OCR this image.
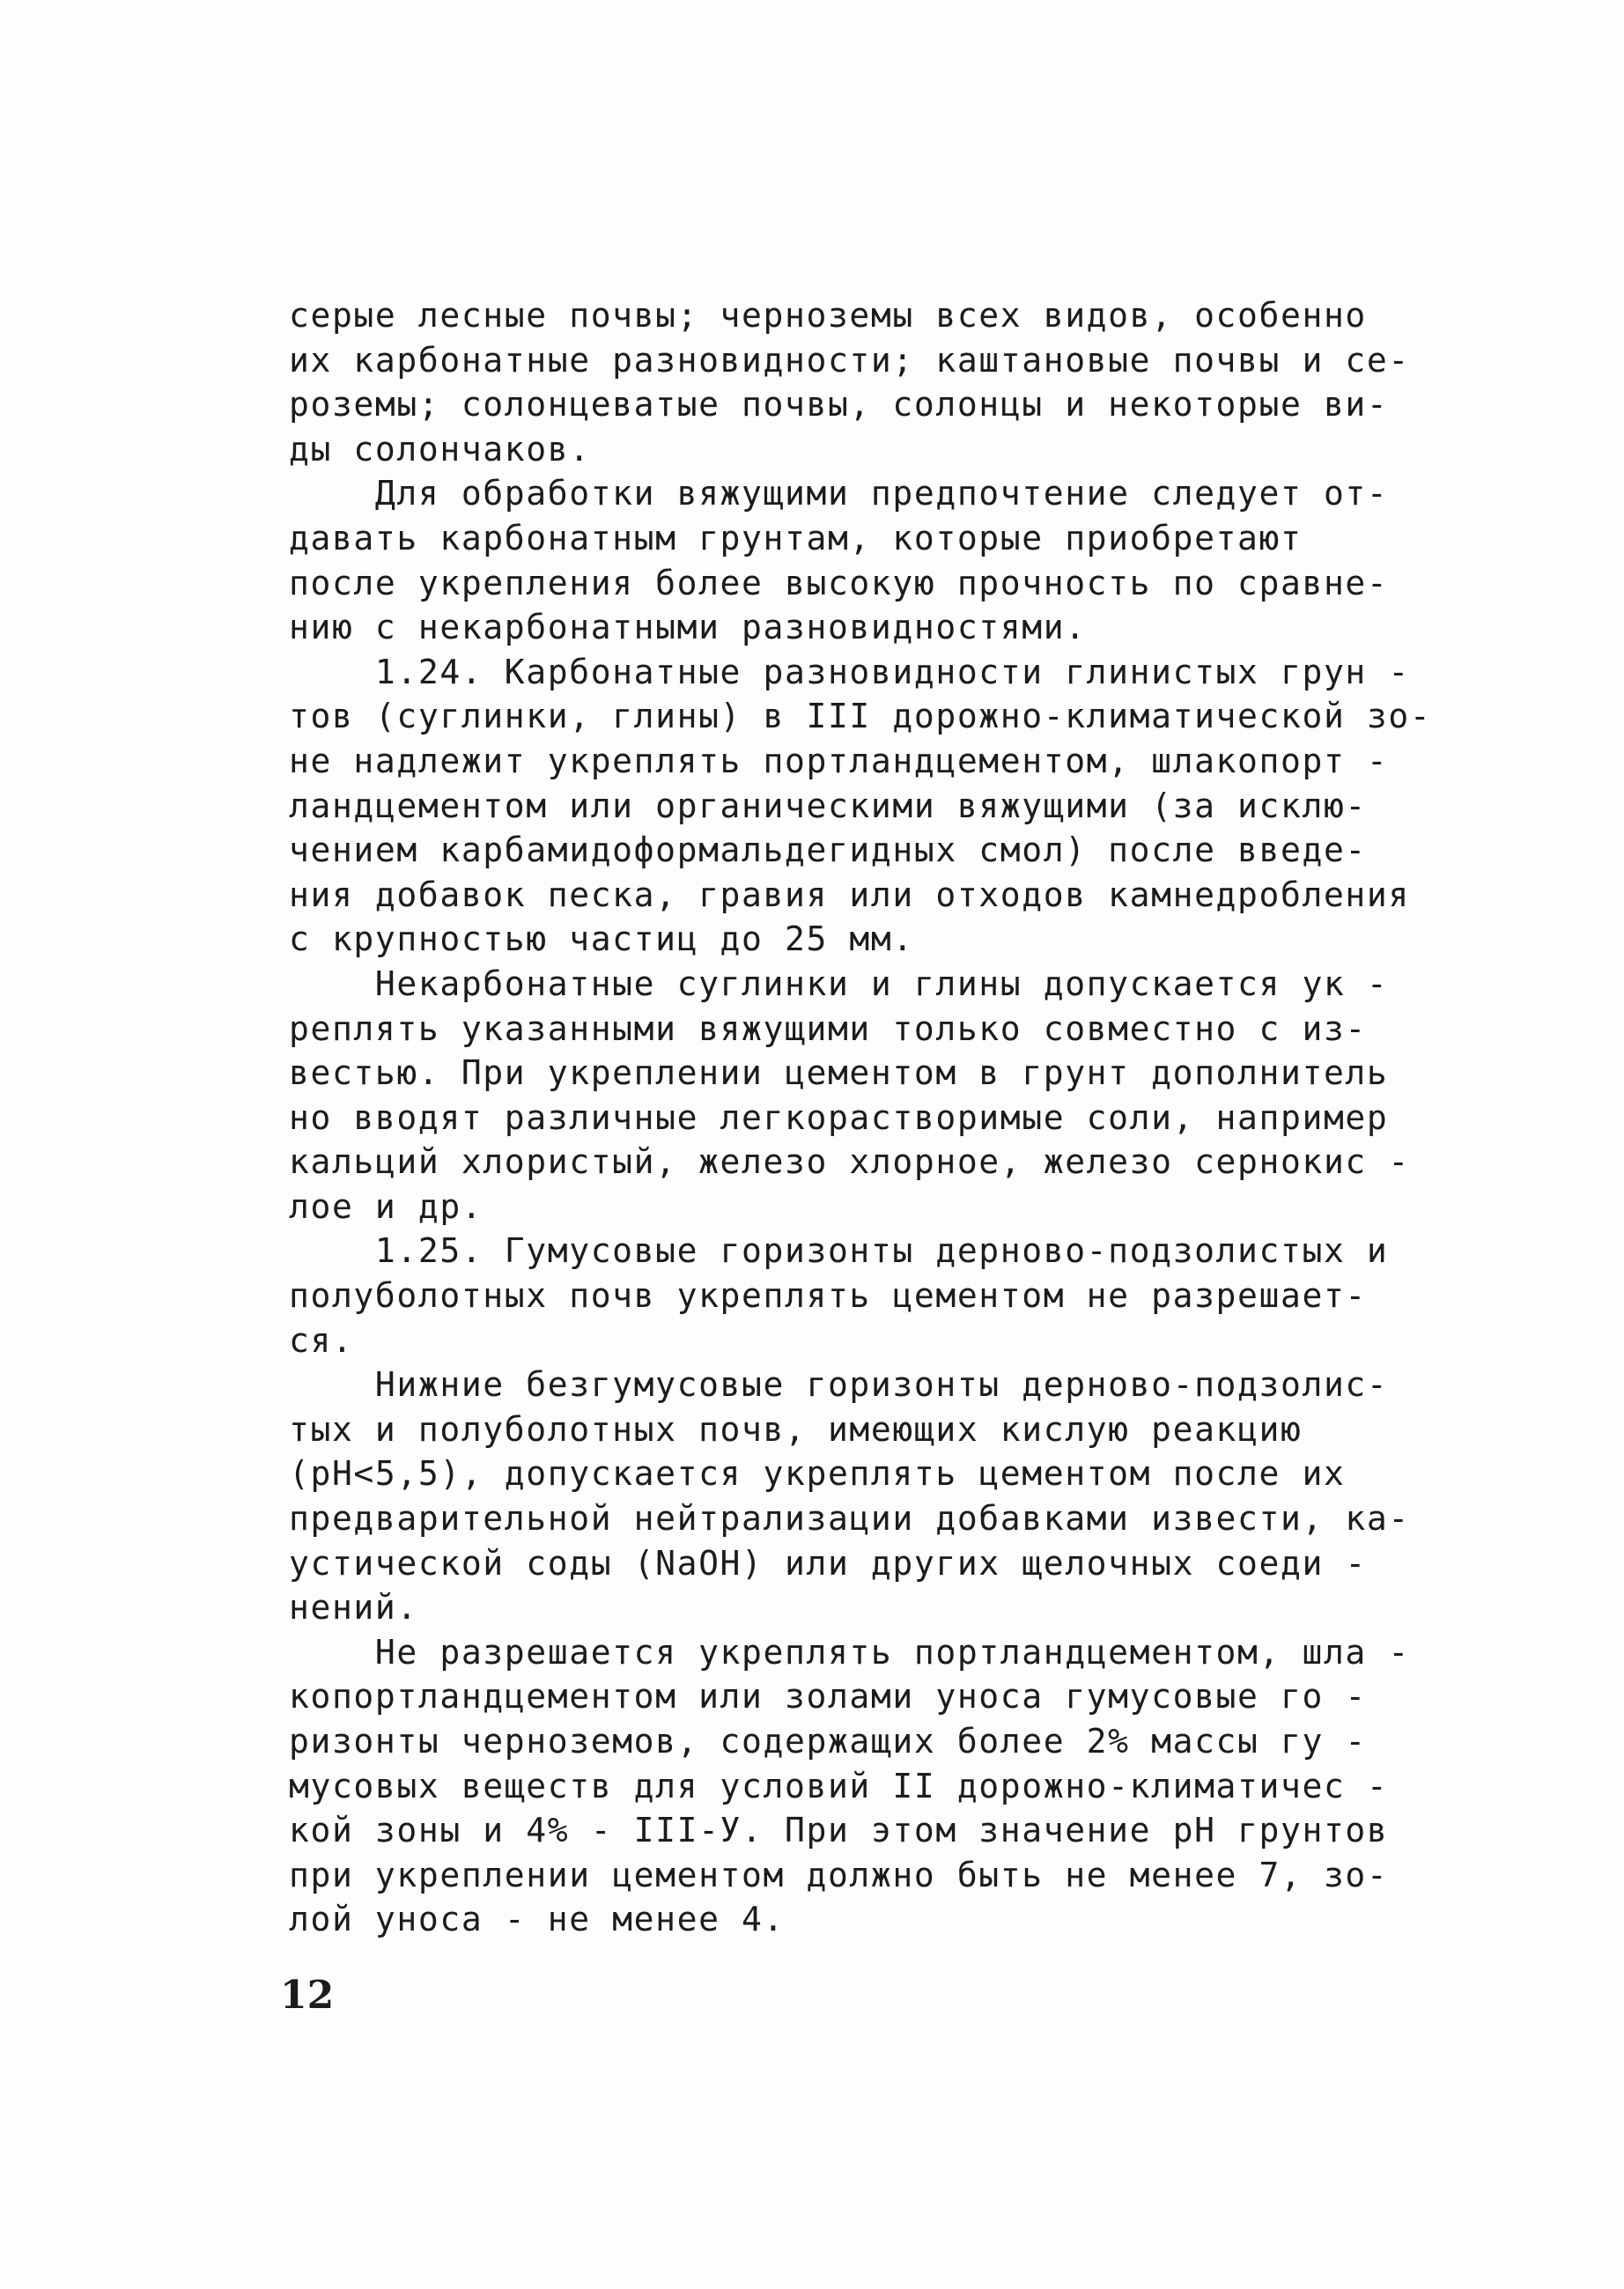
серые лесные почвы; черноземы всех видов, особенно
их карбонатные разновидности; каштановые почвы и се-
роземы; солонцеватые почвы, солонцы и некоторые ви-
ды солончаков.
Для обработки вяжущими предпочтение следует от-
давать карбонатным грунтам, которые приобретают
после укрепления более высокую прочность по сравне-
нию с некарбонатными разновидностями.
1.24. Карбонатные разновидности глинистых грун -
тов (суглинки, глины) в III дорожно-климатической зо-
не надлежит укреплять портландцементом, шлакопорт -
ландцементом или органическими вяжущими (за исклю-
чением карбамидоформальдегидных смол) после введе-
ния добавок песка, гравия или отходов камнедробления
с крупностью частиц до 25 мм.
Некарбонатные суглинки и глины допускается ук -
реплять указанными вяжущими только совместно с из-
вестью. При укреплении цементом в грунт дополнитель
но вводят различные легкорастворимые соли, например
кальций хлористый, железо хлорное, железо сернокис -
лое и др.
1.25. Гумусовые горизонты дерново-подзолистых и
полуболотных почв укреплять цементом не разрешает-
ся.
Нижние безгумусовые горизонты дерново-подзолис-
тых и полуболотных почв, имеющих кислую реакцию
(pH<5,5), допускается укреплять цементом после их
предварительной нейтрализации добавками извести, ка-
устической соды (NaOH) или других щелочных соеди -
нений.
Не разрешается укреплять портландцементом, шла -
копортландцементом или золами уноса гумусовые го -
ризонты черноземов, содержащих более 2% массы гу -
мусовых веществ для условий II дорожно-климатичес -
кой зоны и 4% - III-У. При этом значение pH грунтов
при укреплении цементом должно быть не менее 7, зо-
лой уноса - не менее 4.
12
